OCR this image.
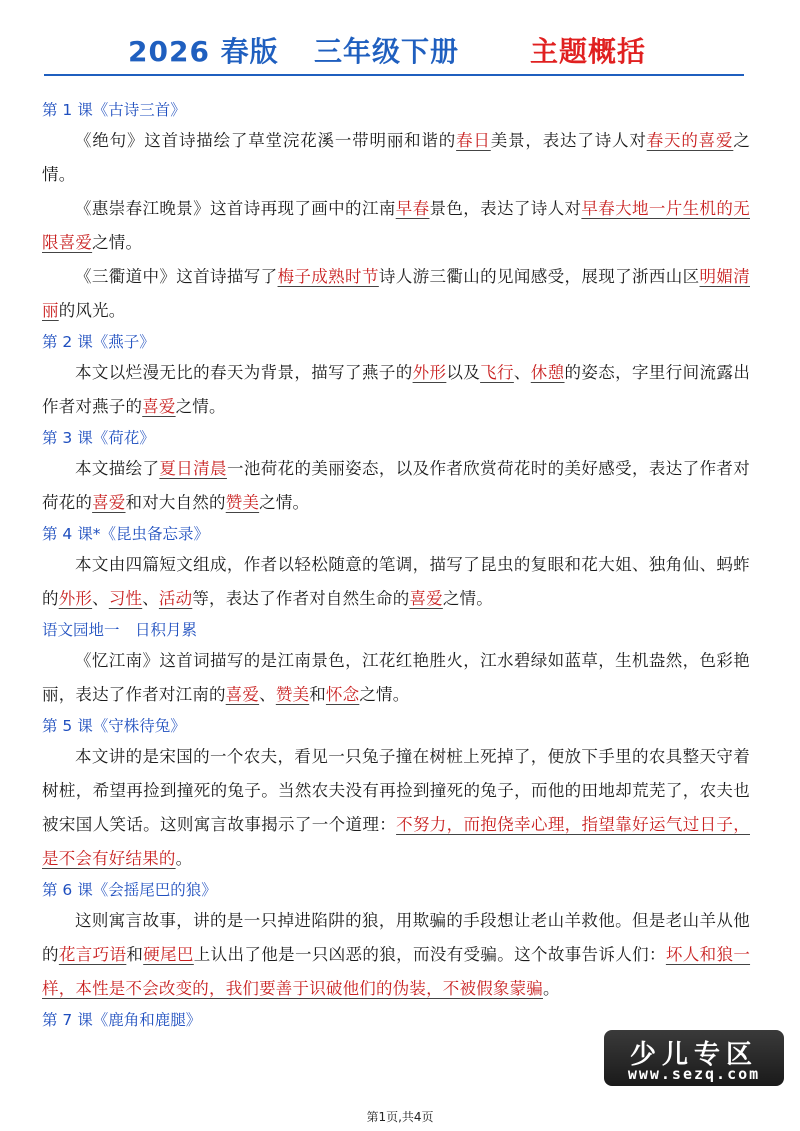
2026 春版 三年级下册	主题概括
第 1 课《古诗三首》

《绝句》这首诗描绘了草堂浣花溪一带明丽和谐的春日美景，表达了诗人对春天的喜爱之情。

《惠崇春江晚景》这首诗再现了画中的江南早春景色，表达了诗人对早春大地一片生机的无限喜爱之情。

《三衢道中》这首诗描写了梅子成熟时节诗人游三衢山的见闻感受，展现了浙西山区明媚清丽的风光。

第 2 课《燕子》

本文以烂漫无比的春天为背景，描写了燕子的外形以及飞行、休憩的姿态，字里行间流露出作者对燕子的喜爱之情。

第 3 课《荷花》

本文描绘了夏日清晨一池荷花的美丽姿态，以及作者欣赏荷花时的美好感受，表达了作者对荷花的喜爱和对大自然的赞美之情。

第 4 课*《昆虫备忘录》

本文由四篇短文组成，作者以轻松随意的笔调，描写了昆虫的复眼和花大姐、独角仙、蚂蚱的外形、习性、活动等，表达了作者对自然生命的喜爱之情。

语文园地一　日积月累

《忆江南》这首词描写的是江南景色，江花红艳胜火，江水碧绿如蓝草，生机盎然，色彩艳丽，表达了作者对江南的喜爱、赞美和怀念之情。

第 5 课《守株待兔》

本文讲的是宋国的一个农夫，看见一只兔子撞在树桩上死掉了，便放下手里的农具整天守着树桩，希望再捡到撞死的兔子。当然农夫没有再捡到撞死的兔子，而他的田地却荒芜了，农夫也被宋国人笑话。这则寓言故事揭示了一个道理：不努力，而抱侥幸心理，指望靠好运气过日子，是不会有好结果的。

第 6 课《会摇尾巴的狼》

这则寓言故事，讲的是一只掉进陷阱的狼，用欺骗的手段想让老山羊救他。但是老山羊从他的花言巧语和硬尾巴上认出了他是一只凶恶的狼，而没有受骗。这个故事告诉人们：坏人和狼一样，本性是不会改变的，我们要善于识破他们的伪装，不被假象蒙骗。

第 7 课《鹿角和鹿腿》
少儿专区
www.sezq.com
第1页,共4页
